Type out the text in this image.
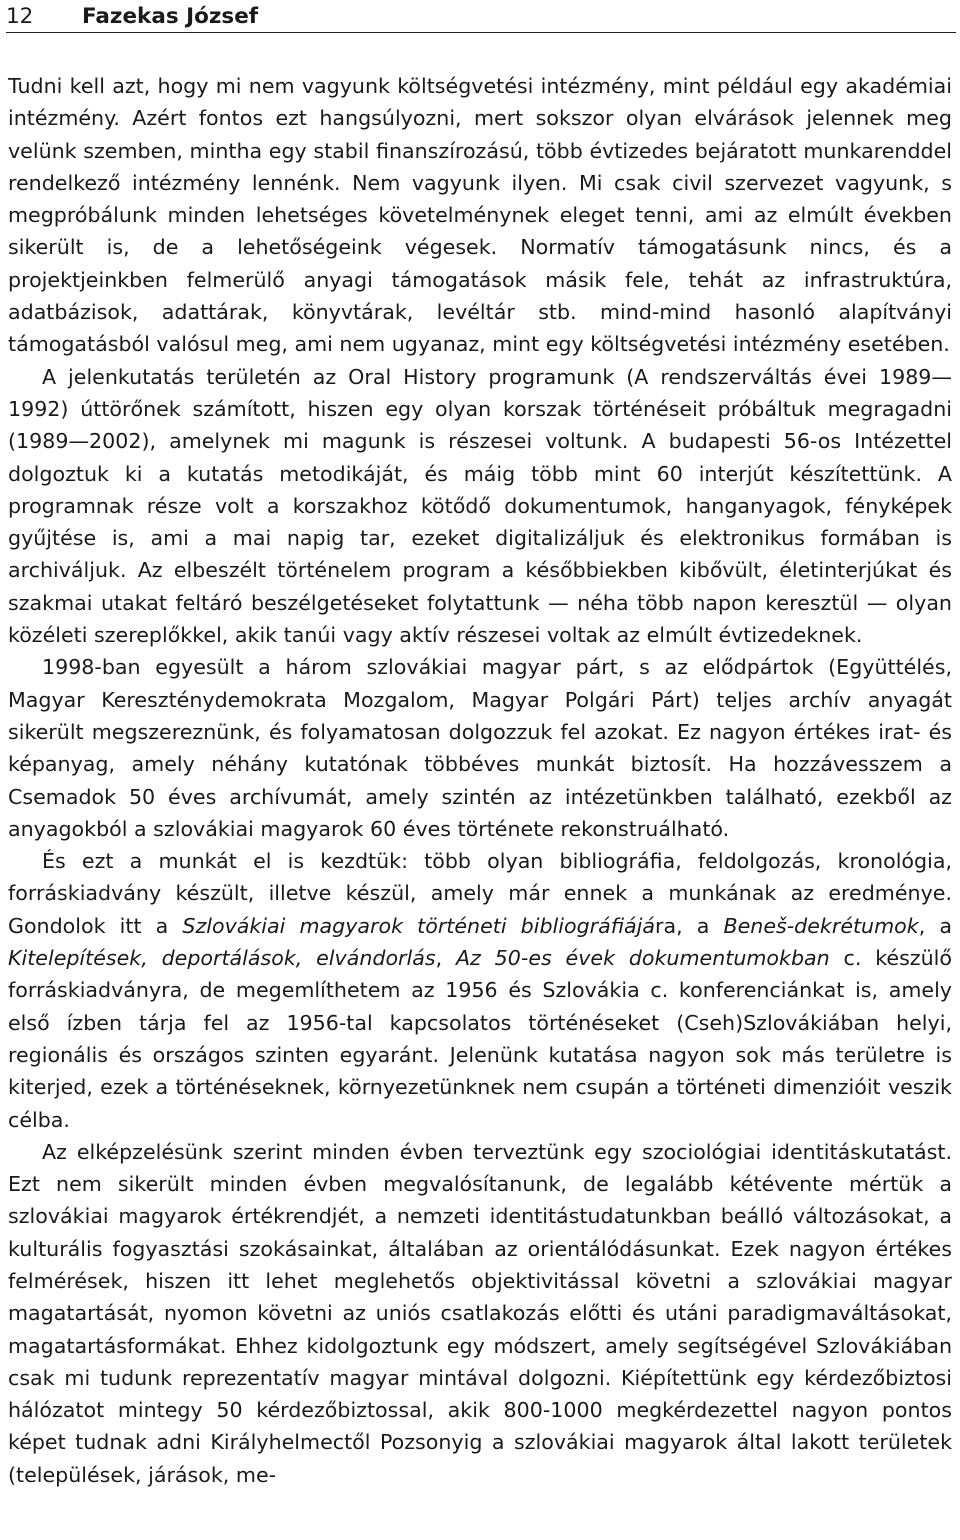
12	Fazekas József

Tudni kell azt, hogy mi nem vagyunk költségvetési intézmény, mint például egy akadémiai intézmény. Azért fontos ezt hangsúlyozni, mert sokszor olyan elvárások jelennek meg velünk szemben, mintha egy stabil finanszírozású, több évtizedes bejáratott munkarenddel rendelkező intézmény lennénk. Nem vagyunk ilyen. Mi csak civil szervezet vagyunk, s megpróbálunk minden lehetséges követelménynek eleget tenni, ami az elmúlt években sikerült is, de a lehetőségeink végesek. Normatív támogatásunk nincs, és a projektjeinkben felmerülő anyagi támogatások másik fele, tehát az infrastruktúra, adatbázisok, adattárak, könyvtárak, levéltár stb. mind-mind hasonló alapítványi támogatásból valósul meg, ami nem ugyanaz, mint egy költségvetési intézmény esetében.

A jelenkutatás területén az Oral History programunk (A rendszerváltás évei 1989—1992) úttörőnek számított, hiszen egy olyan korszak történéseit próbáltuk megragadni (1989—2002), amelynek mi magunk is részesei voltunk. A budapesti 56-os Intézettel dolgoztuk ki a kutatás metodikáját, és máig több mint 60 interjút készítettünk. A programnak része volt a korszakhoz kötődő dokumentumok, hanganyagok, fényképek gyűjtése is, ami a mai napig tar, ezeket digitalizáljuk és elektronikus formában is archiváljuk. Az elbeszélt történelem program a későbbiekben kibővült, életinterjúkat és szakmai utakat feltáró beszélgetéseket folytattunk — néha több napon keresztül — olyan közéleti szereplőkkel, akik tanúi vagy aktív részesei voltak az elmúlt évtizedeknek.

1998-ban egyesült a három szlovákiai magyar párt, s az elődpártok (Együttélés, Magyar Kereszténydemokrata Mozgalom, Magyar Polgári Párt) teljes archív anyagát sikerült megszereznünk, és folyamatosan dolgozzuk fel azokat. Ez nagyon értékes irat- és képanyag, amely néhány kutatónak többéves munkát biztosít. Ha hozzávesszem a Csemadok 50 éves archívumát, amely szintén az intézetünkben található, ezekből az anyagokból a szlovákiai magyarok 60 éves története rekonstruálható.

És ezt a munkát el is kezdtük: több olyan bibliográfia, feldolgozás, kronológia, forráskiadvány készült, illetve készül, amely már ennek a munkának az eredménye. Gondolok itt a Szlovákiai magyarok történeti bibliográfiájára, a Beneš-dekrétumok, a Kitelepítések, deportálások, elvándorlás, Az 50-es évek dokumentumokban c. készülő forráskiadványra, de megemlíthetem az 1956 és Szlovákia c. konferenciánkat is, amely első ízben tárja fel az 1956-tal kapcsolatos történéseket (Cseh)Szlovákiában helyi, regionális és országos szinten egyaránt. Jelenünk kutatása nagyon sok más területre is kiterjed, ezek a történéseknek, környezetünknek nem csupán a történeti dimenzióit veszik célba.

Az elképzelésünk szerint minden évben terveztünk egy szociológiai identitáskutatást. Ezt nem sikerült minden évben megvalósítanunk, de legalább kétévente mértük a szlovákiai magyarok értékrendjét, a nemzeti identitástudatunkban beálló változásokat, a kulturális fogyasztási szokásainkat, általában az orientálódásunkat. Ezek nagyon értékes felmérések, hiszen itt lehet meglehetős objektivitással követni a szlovákiai magyar magatartását, nyomon követni az uniós csatlakozás előtti és utáni paradigmaváltásokat, magatartásformákat. Ehhez kidolgoztunk egy módszert, amely segítségével Szlovákiában csak mi tudunk reprezentatív magyar mintával dolgozni. Kiépítettünk egy kérdezőbiztosi hálózatot mintegy 50 kérdezőbiztossal, akik 800-1000 megkérdezettel nagyon pontos képet tudnak adni Királyhelmectől Pozsonyig a szlovákiai magyarok által lakott területek (települések, járások, me-
